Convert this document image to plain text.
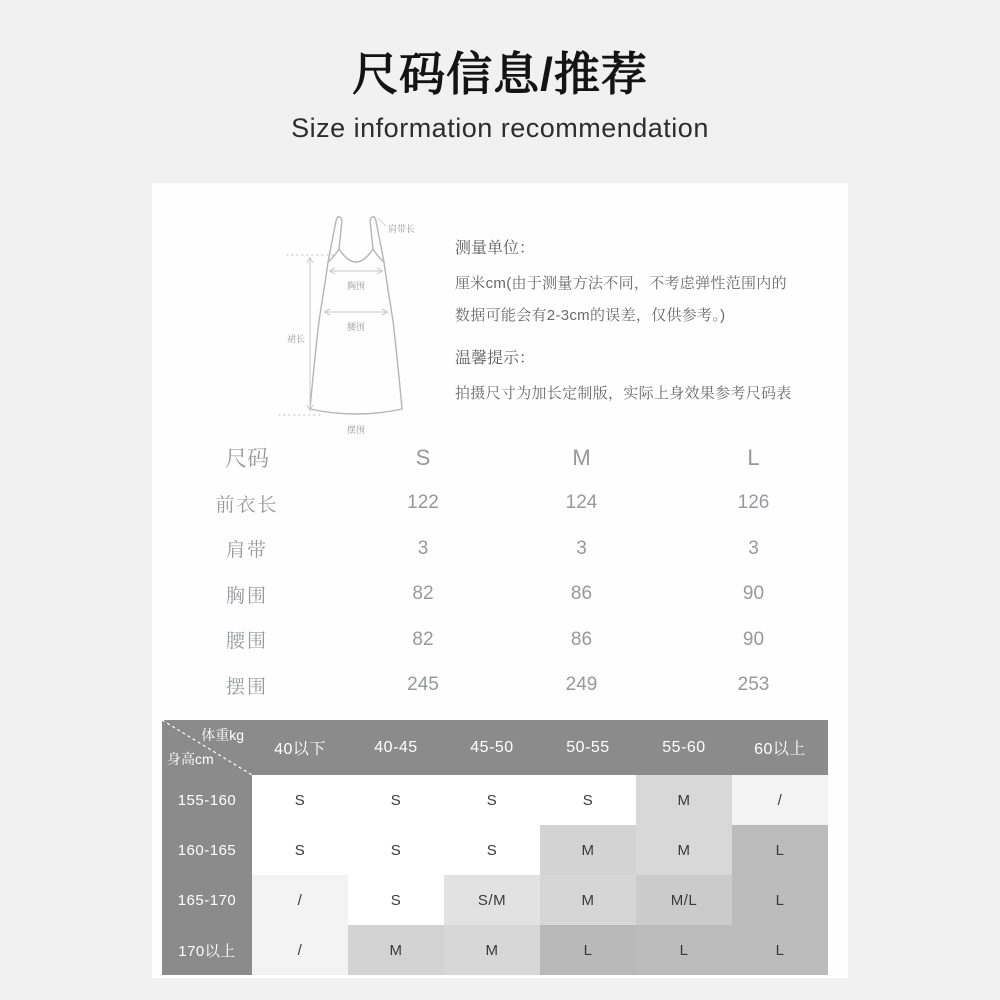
尺码信息/推荐
Size information recommendation
肩带长
胸围
腰围
裙长
摆围

测量单位：

厘米cm(由于测量方法不同，不考虑弹性范围内的

数据可能会有2-3cm的误差，仅供参考。)

温馨提示：

拍摄尺寸为加长定制版，实际上身效果参考尺码表

尺码	S	M	L
前衣长	122	124	126
肩带	3	3	3
胸围	82	86	90
腰围	82	86	90
摆围	245	249	253
体重kg
身高cm
40以下	40-45	45-50	50-55	55-60	60以上
155-160	S	S	S	S	M	/
160-165	S	S	S	M	M	L
165-170	/	S	S/M	M	M/L	L
170以上	/	M	M	L	L	L
